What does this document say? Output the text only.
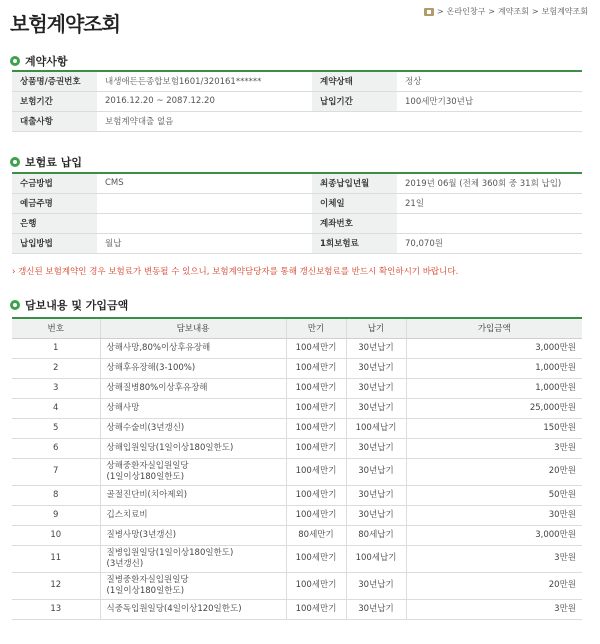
보험계약조회
> 온라인창구 > 계약조회 > 보험계약조회
계약사항
상품명/증권번호	내생애든든종합보험1601/320161******	계약상태	정상
보험기간	2016.12.20 ~ 2087.12.20	납입기간	100세만기30년납
대출사항	보험계약대출 없음		
보험료 납입
수금방법	CMS	최종납입년월	2019년 06월 (전체 360회 중 31회 납입)
예금주명		이체일	21일
은행		계좌번호	
납입방법	월납	1회보험료	70,070원
› 갱신된 보험계약인 경우 보험료가 변동될 수 있으니, 보험계약담당자를 통해 갱신보험료를 반드시 확인하시기 바랍니다.
담보내용 및 가입금액
번호	담보내용	만기	납기	가입금액
1	상해사망,80%이상후유장해	100세만기	30년납기	3,000만원
2	상해후유장해(3-100%)	100세만기	30년납기	1,000만원
3	상해질병80%이상후유장해	100세만기	30년납기	1,000만원
4	상해사망	100세만기	30년납기	25,000만원
5	상해수술비(3년갱신)	100세만기	100세납기	150만원
6	상해입원일당(1일이상180일한도)	100세만기	30년납기	3만원
7	상해중환자실입원일당
(1일이상180일한도)	100세만기	30년납기	20만원
8	골절진단비(치아제외)	100세만기	30년납기	50만원
9	깁스치료비	100세만기	30년납기	30만원
10	질병사망(3년갱신)	80세만기	80세납기	3,000만원
11	질병입원일당(1일이상180일한도)
(3년갱신)	100세만기	100세납기	3만원
12	질병중환자실입원일당
(1일이상180일한도)	100세만기	30년납기	20만원
13	식중독입원일당(4일이상120일한도)	100세만기	30년납기	3만원
